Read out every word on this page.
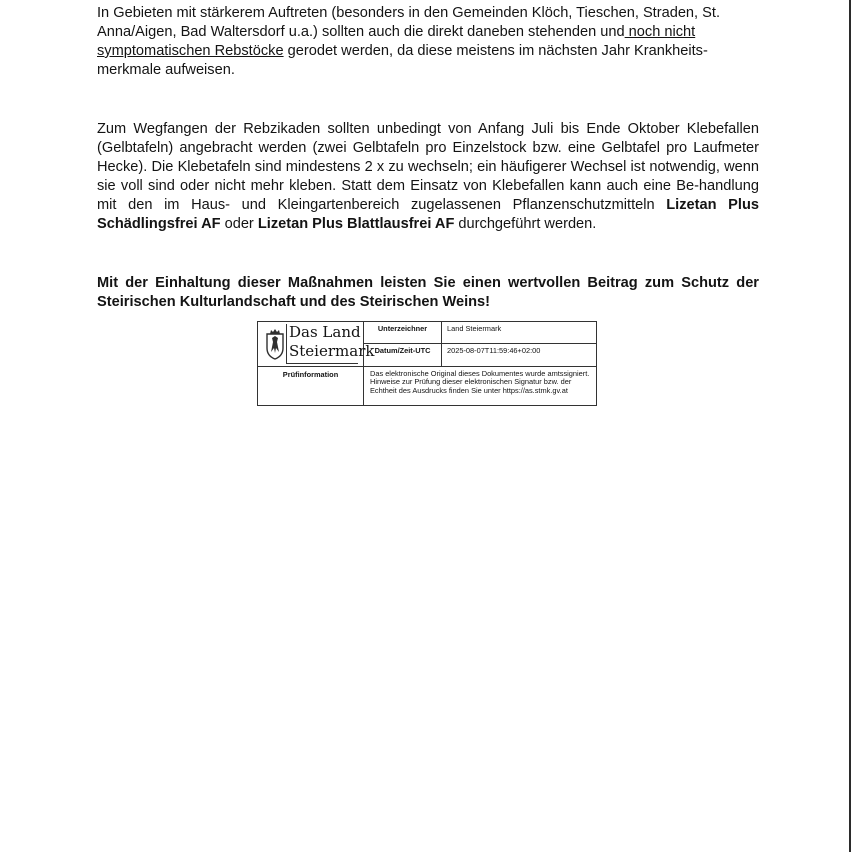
In Gebieten mit stärkerem Auftreten (besonders in den Gemeinden Klöch, Tieschen, Straden, St. Anna/Aigen, Bad Waltersdorf u.a.) sollten auch die direkt daneben stehenden und noch nicht symptomatischen Rebstöcke gerodet werden, da diese meistens im nächsten Jahr Krankheits-merkmale aufweisen.

Zum Wegfangen der Rebzikaden sollten unbedingt von Anfang Juli bis Ende Oktober Klebefallen (Gelbtafeln) angebracht werden (zwei Gelbtafeln pro Einzelstock bzw. eine Gelbtafel pro Laufmeter Hecke). Die Klebetafeln sind mindestens 2 x zu wechseln; ein häufigerer Wechsel ist notwendig, wenn sie voll sind oder nicht mehr kleben. Statt dem Einsatz von Klebefallen kann auch eine Be-handlung mit den im Haus- und Kleingartenbereich zugelassenen Pflanzenschutzmitteln Lizetan Plus Schädlingsfrei AF oder Lizetan Plus Blattlausfrei AF durchgeführt werden.

Mit der Einhaltung dieser Maßnahmen leisten Sie einen wertvollen Beitrag zum Schutz der Steirischen Kulturlandschaft und des Steirischen Weins!

Das Land
Steiermark
Unterzeichner	Land Steiermark
Datum/Zeit-UTC	2025-08-07T11:59:46+02:00
Prüfinformation	Das elektronische Original dieses Dokumentes wurde amtssigniert. Hinweise zur Prüfung dieser elektronischen Signatur bzw. der Echtheit des Ausdrucks finden Sie unter https://as.stmk.gv.at
